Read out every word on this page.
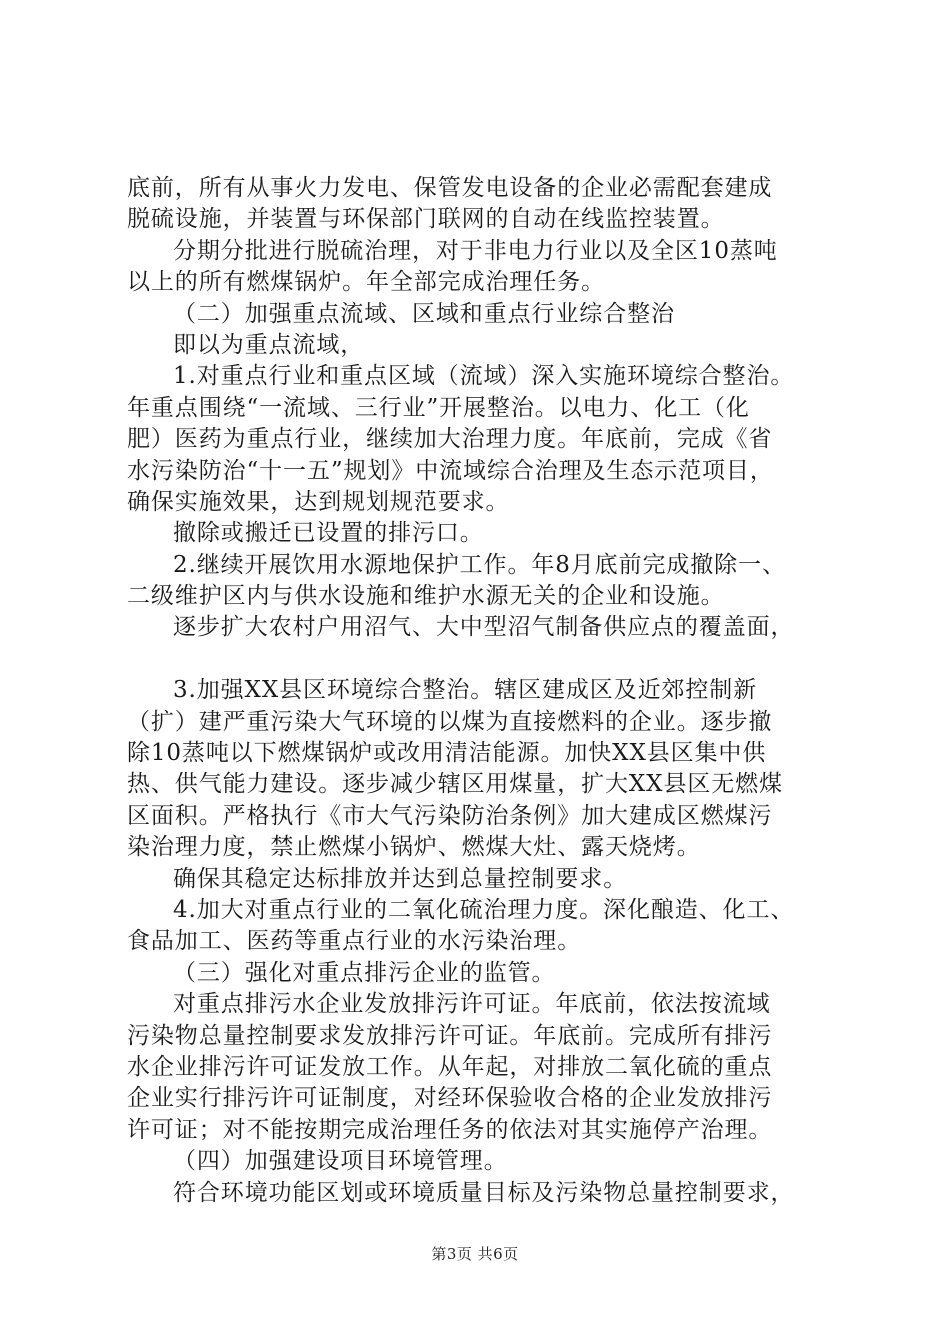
底前，所有从事火力发电、保管发电设备的企业必需配套建成
脱硫设施，并装置与环保部门联网的自动在线监控装置。
分期分批进行脱硫治理，对于非电力行业以及全区10蒸吨
以上的所有燃煤锅炉。年全部完成治理任务。
（二）加强重点流域、区域和重点行业综合整治
即以为重点流域，
1.对重点行业和重点区域（流域）深入实施环境综合整治。
年重点围绕“一流域、三行业”开展整治。以电力、化工（化
肥）医药为重点行业，继续加大治理力度。年底前，完成《省
水污染防治“十一五”规划》中流域综合治理及生态示范项目，
确保实施效果，达到规划规范要求。
撤除或搬迁已设置的排污口。
2.继续开展饮用水源地保护工作。年8月底前完成撤除一、
二级维护区内与供水设施和维护水源无关的企业和设施。
逐步扩大农村户用沼气、大中型沼气制备供应点的覆盖面，
3.加强XX县区环境综合整治。辖区建成区及近郊控制新
（扩）建严重污染大气环境的以煤为直接燃料的企业。逐步撤
除10蒸吨以下燃煤锅炉或改用清洁能源。加快XX县区集中供
热、供气能力建设。逐步减少辖区用煤量，扩大XX县区无燃煤
区面积。严格执行《市大气污染防治条例》加大建成区燃煤污
染治理力度，禁止燃煤小锅炉、燃煤大灶、露天烧烤。
确保其稳定达标排放并达到总量控制要求。
4.加大对重点行业的二氧化硫治理力度。深化酿造、化工、
食品加工、医药等重点行业的水污染治理。
（三）强化对重点排污企业的监管。
对重点排污水企业发放排污许可证。年底前，依法按流域
污染物总量控制要求发放排污许可证。年底前。完成所有排污
水企业排污许可证发放工作。从年起，对排放二氧化硫的重点
企业实行排污许可证制度，对经环保验收合格的企业发放排污
许可证；对不能按期完成治理任务的依法对其实施停产治理。
（四）加强建设项目环境管理。
符合环境功能区划或环境质量目标及污染物总量控制要求，
第3页 共6页
